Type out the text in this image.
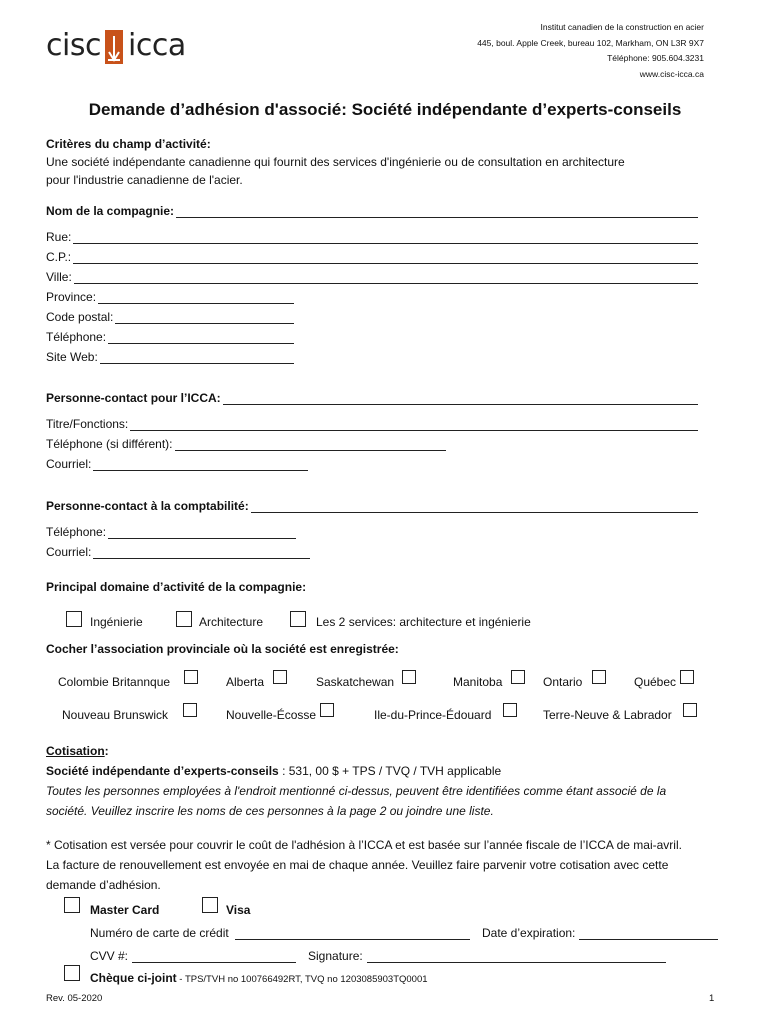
cisc icca
Institut canadien de la construction en acier
445, boul. Apple Creek, bureau 102, Markham, ON L3R 9X7
Téléphone: 905.604.3231
www.cisc-icca.ca
Demande d’adhésion d'associé: Société indépendante d’experts-conseils
Critères du champ d’activité:
Une société indépendante canadienne qui fournit des services d'ingénierie ou de consultation en architecture
pour l'industrie canadienne de l'acier.
Nom de la compagnie:
Rue:
C.P.:
Ville:
Province:
Code postal:
Téléphone:
Site Web:
Personne-contact pour l’ICCA:
Titre/Fonctions:
Téléphone (si différent):
Courriel:
Personne-contact à la comptabilité:
Téléphone:
Courriel:
Principal domaine d’activité de la compagnie:
Ingénierie	Architecture	Les 2 services: architecture et ingénierie
Cocher l’association provinciale où la société est enregistrée:
Colombie Britannque	Alberta	Saskatchewan	Manitoba	Ontario	Québec
Nouveau Brunswick	Nouvelle-Écosse	Ile-du-Prince-Édouard	Terre-Neuve & Labrador
Cotisation:
Société indépendante d’experts-conseils : 531, 00 $ + TPS / TVQ / TVH applicable
Toutes les personnes employées à l'endroit mentionné ci-dessus, peuvent être identifiées comme étant associé de la
société. Veuillez inscrire les noms de ces personnes à la page 2 ou joindre une liste.
* Cotisation est versée pour couvrir le coût de l'adhésion à l’ICCA et est basée sur l’année fiscale de l’ICCA de mai-avril.
La facture de renouvellement est envoyée en mai de chaque année. Veuillez faire parvenir votre cotisation avec cette
demande d’adhésion.
Master Card	Visa
Numéro de carte de crédit	Date d’expiration:
CVV #:	Signature:
Chèque ci-joint - TPS/TVH no 100766492RT, TVQ no 1203085903TQ0001
Rev. 05-2020	1
